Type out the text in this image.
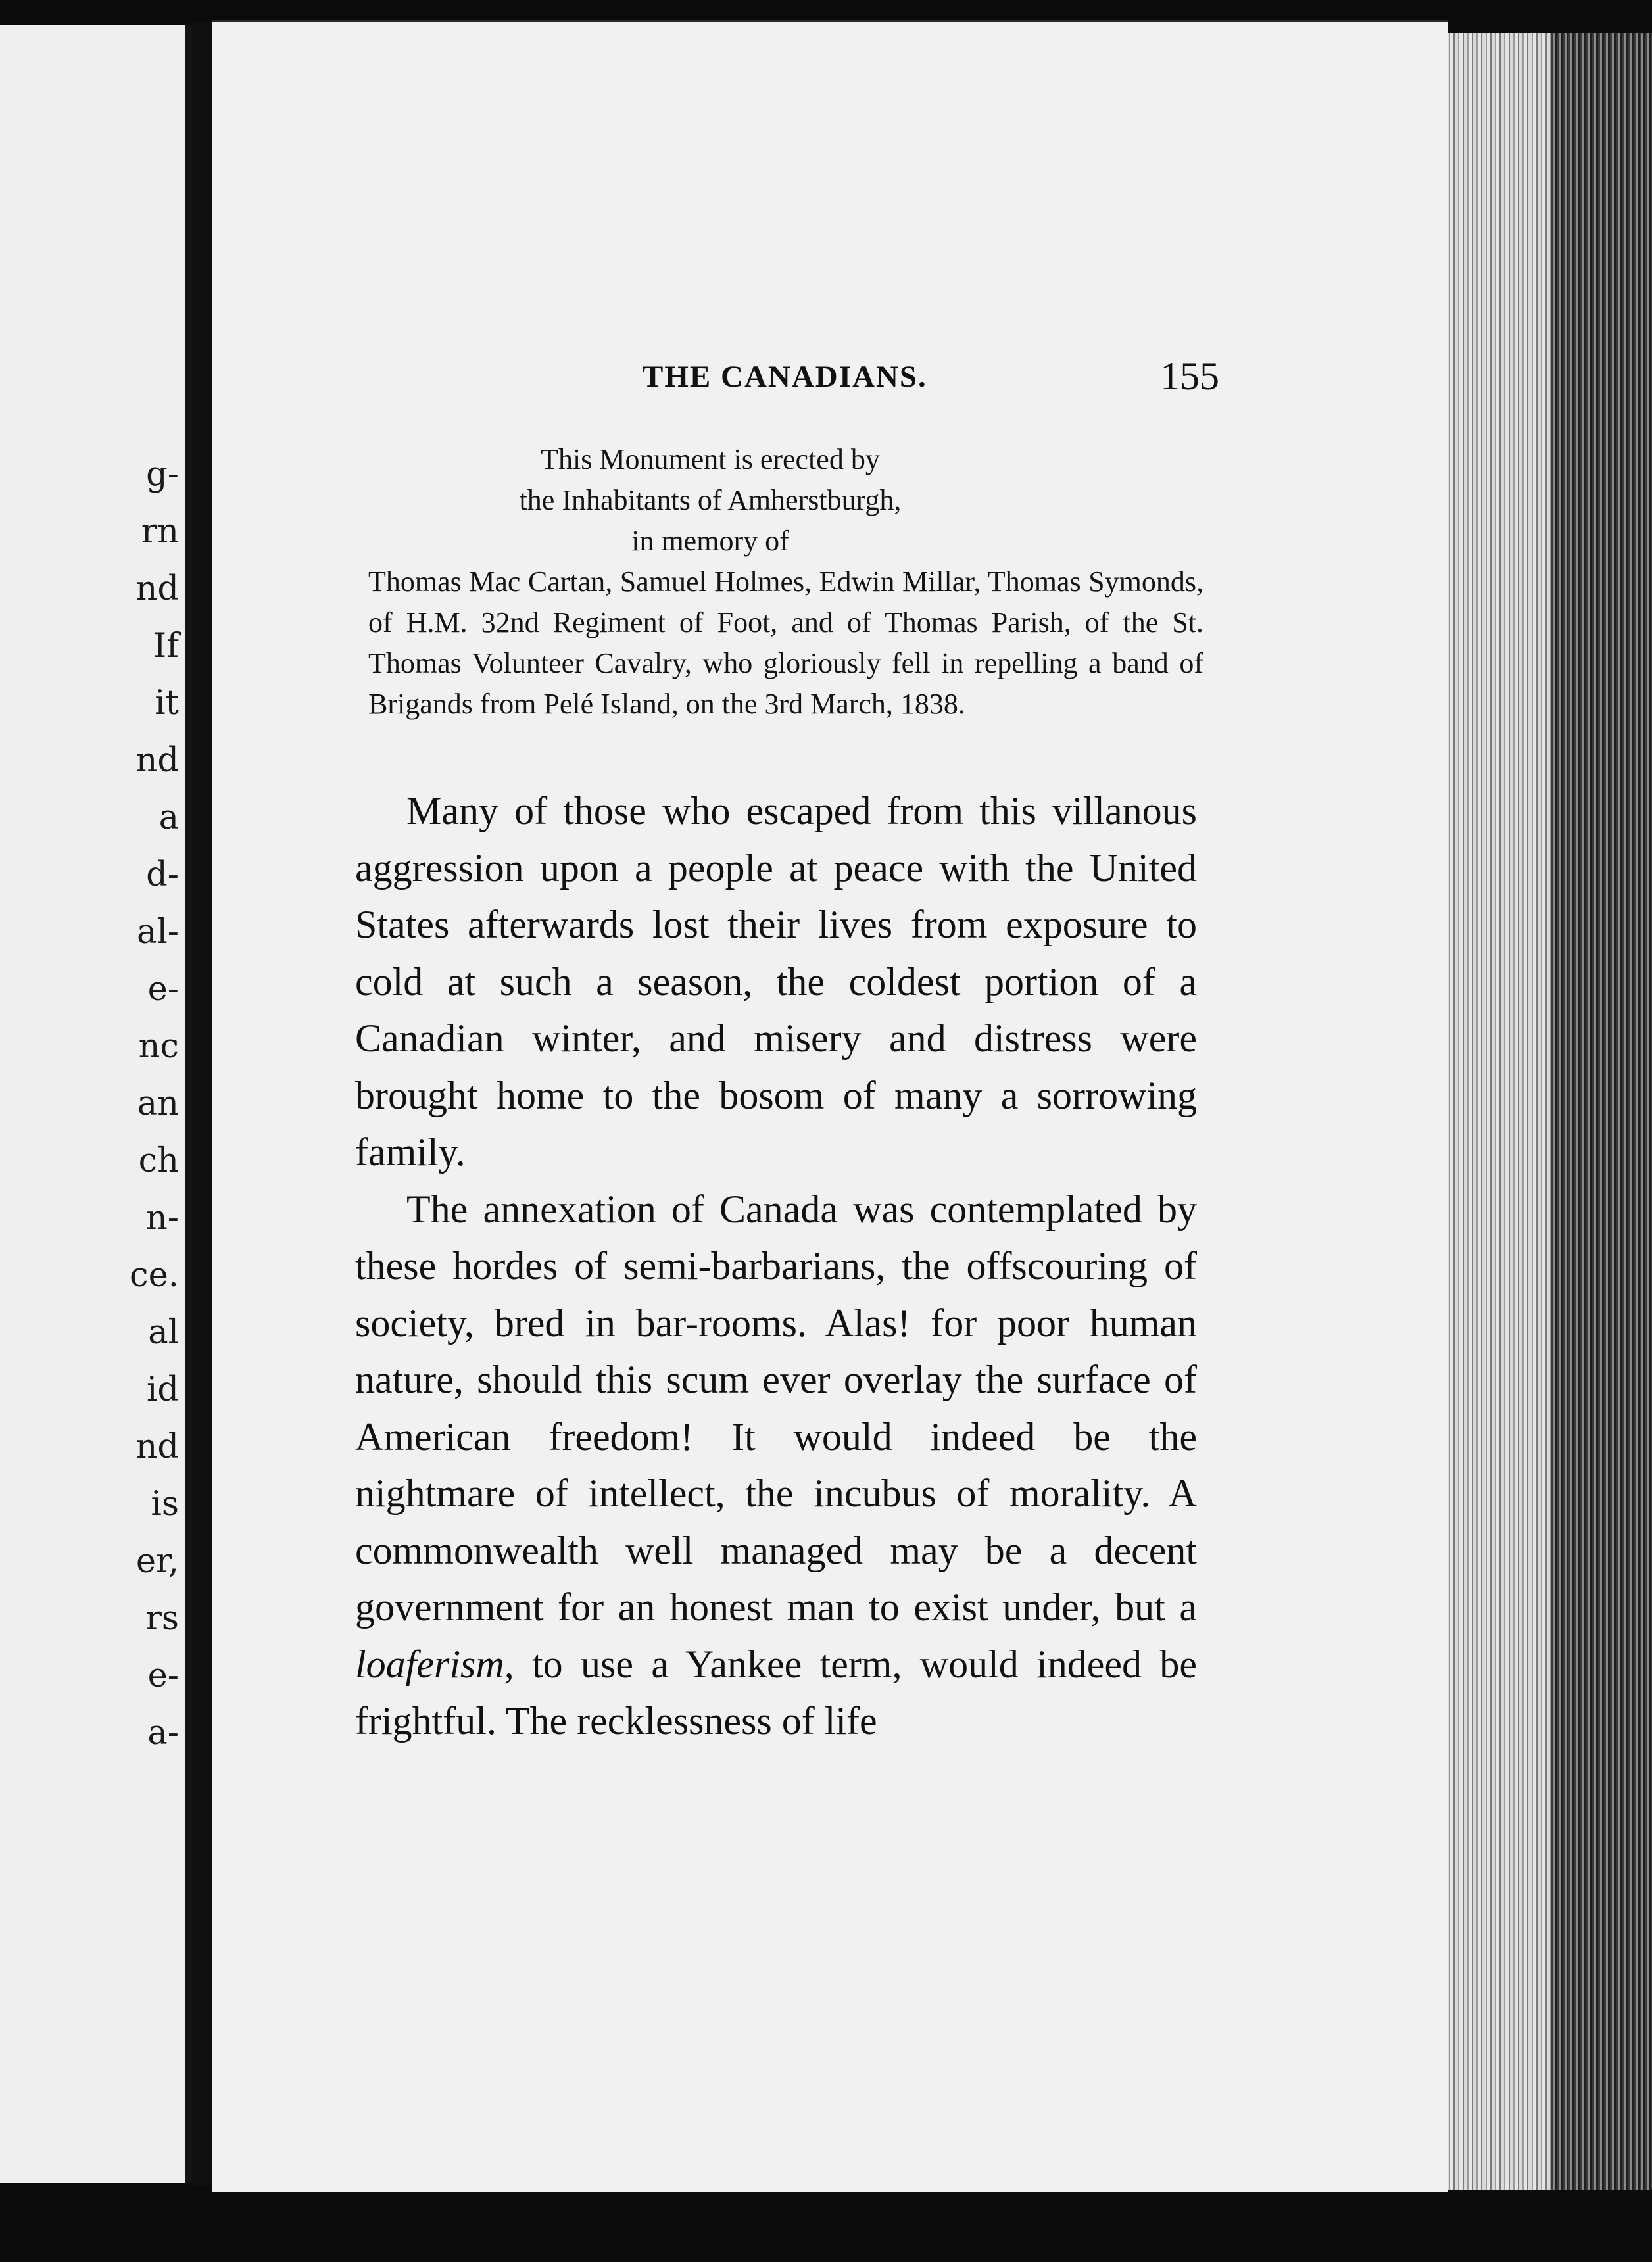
g-
rn
nd
If
it
nd
a
d-
al-
e-
nc
an
ch
n-
ce.
al
id
nd
is
er,
rs
e-
a-
THE CANADIANS.	155
This Monument is erected by
the Inhabitants of Amherstburgh,
in memory of
Thomas Mac Cartan, Samuel Holmes, Edwin Millar, Thomas Symonds, of H.M. 32nd Regiment of Foot, and of Thomas Parish, of the St. Thomas Volunteer Cavalry, who gloriously fell in repelling a band of Brigands from Pelé Island, on the 3rd March, 1838.

Many of those who escaped from this villanous aggression upon a people at peace with the United States afterwards lost their lives from exposure to cold at such a season, the coldest portion of a Canadian winter, and misery and distress were brought home to the bosom of many a sorrowing family.

The annexation of Canada was contemplated by these hordes of semi-barbarians, the offscouring of society, bred in bar-rooms. Alas! for poor human nature, should this scum ever overlay the surface of American freedom! It would indeed be the nightmare of intellect, the incubus of morality. A commonwealth well managed may be a decent government for an honest man to exist under, but a loaferism, to use a Yankee term, would indeed be frightful. The recklessness of life
